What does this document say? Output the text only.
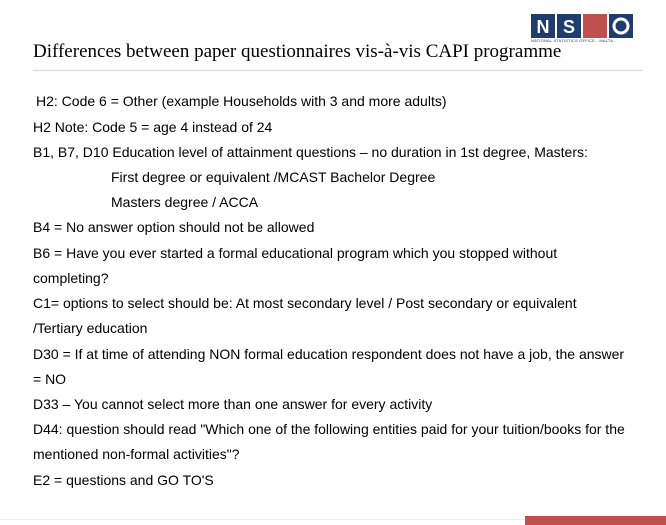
N S
NATIONAL STATISTICS OFFICE - MALTA
Differences between paper questionnaires vis-à-vis CAPI programme
H2: Code 6 = Other (example Households with 3 and more adults)
H2 Note: Code 5 = age 4 instead of 24
B1, B7, D10 Education level of attainment questions – no duration in 1st degree, Masters:
First degree or equivalent /MCAST Bachelor Degree
Masters degree / ACCA
B4 = No answer option should not be allowed
B6 = Have you ever started a formal educational program which you stopped without
completing?
C1= options to select should be: At most secondary level / Post secondary or equivalent
/Tertiary education
D30 = If at time of attending NON formal education respondent does not have a job, the answer
= NO
D33 – You cannot select more than one answer for every activity
D44: question should read "Which one of the following entities paid for your tuition/books for the
mentioned non-formal activities"?
E2 = questions and GO TO'S
